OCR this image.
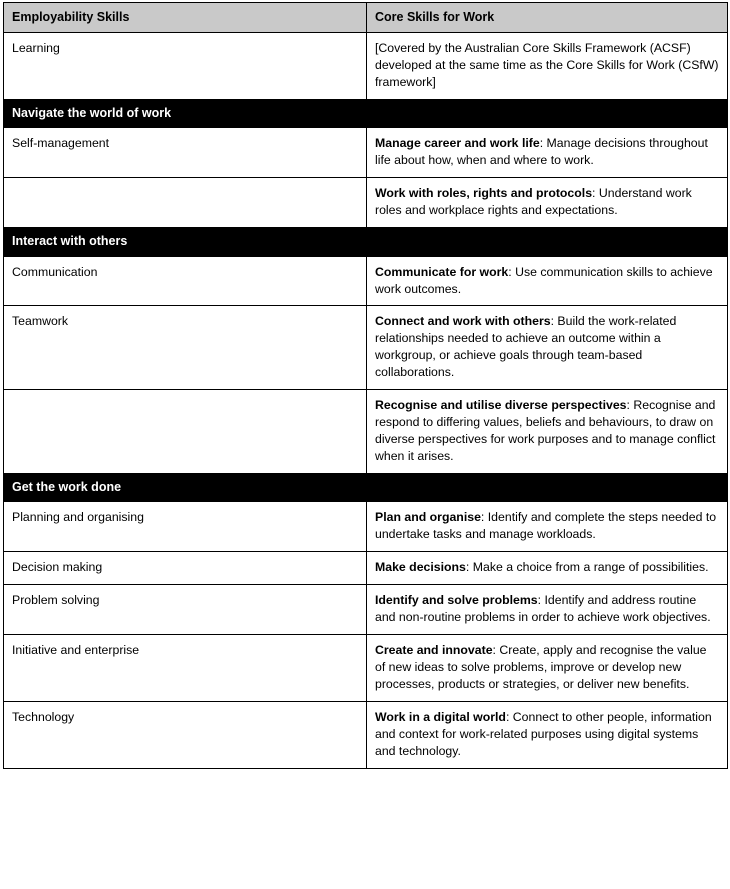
Employability Skills	Core Skills for Work
Learning	[Covered by the Australian Core Skills Framework (ACSF) developed at the same time as the Core Skills for Work (CSfW) framework]
Navigate the world of work	
Self-management	Manage career and work life: Manage decisions throughout life about how, when and where to work.
	Work with roles, rights and protocols: Understand work roles and workplace rights and expectations.
Interact with others	
Communication	Communicate for work: Use communication skills to achieve work outcomes.
Teamwork	Connect and work with others: Build the work-related relationships needed to achieve an outcome within a workgroup, or achieve goals through team-based collaborations.
	Recognise and utilise diverse perspectives: Recognise and respond to differing values, beliefs and behaviours, to draw on diverse perspectives for work purposes and to manage conflict when it arises.
Get the work done	
Planning and organising	Plan and organise: Identify and complete the steps needed to undertake tasks and manage workloads.
Decision making	Make decisions: Make a choice from a range of possibilities.
Problem solving	Identify and solve problems: Identify and address routine and non-routine problems in order to achieve work objectives.
Initiative and enterprise	Create and innovate: Create, apply and recognise the value of new ideas to solve problems, improve or develop new processes, products or strategies, or deliver new benefits.
Technology	Work in a digital world: Connect to other people, information and context for work-related purposes using digital systems and technology.
